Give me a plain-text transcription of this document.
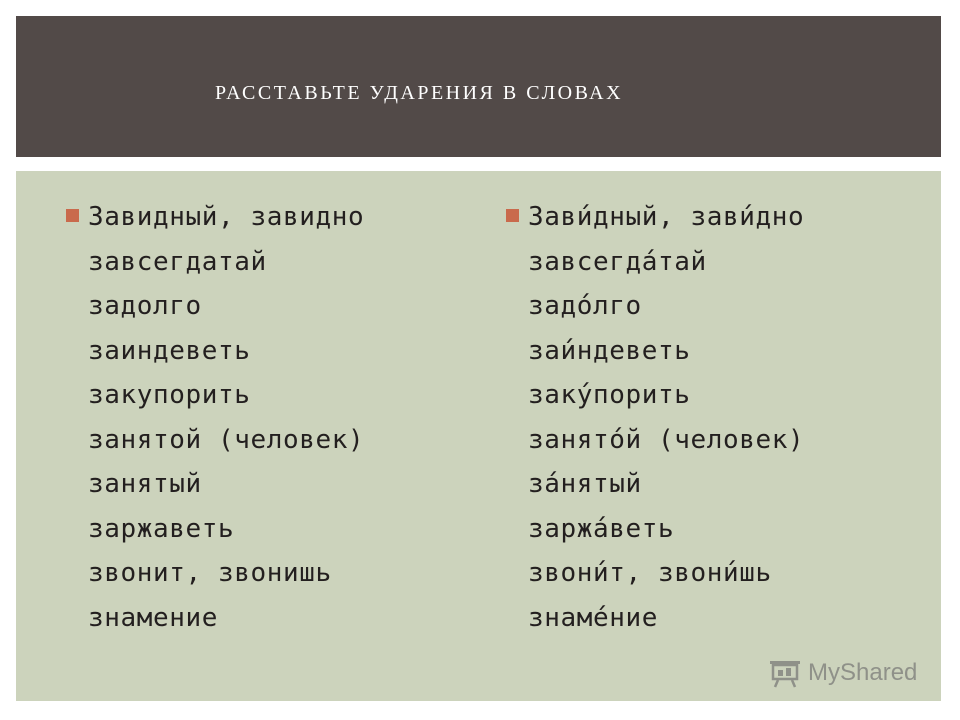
РАССТАВЬТЕ УДАРЕНИЯ В СЛОВАХ
Завидный, завидно
завсегдатай
задолго
заиндеветь
закупорить
занятой (человек)
занятый
заржаветь
звонит, звонишь
знамение
Зави́дный, зави́дно
завсегда́тай
задо́лго
заи́ндеветь
заку́порить
занято́й (человек)
за́нятый
заржа́веть
звони́т, звони́шь
знаме́ние
MyShared
